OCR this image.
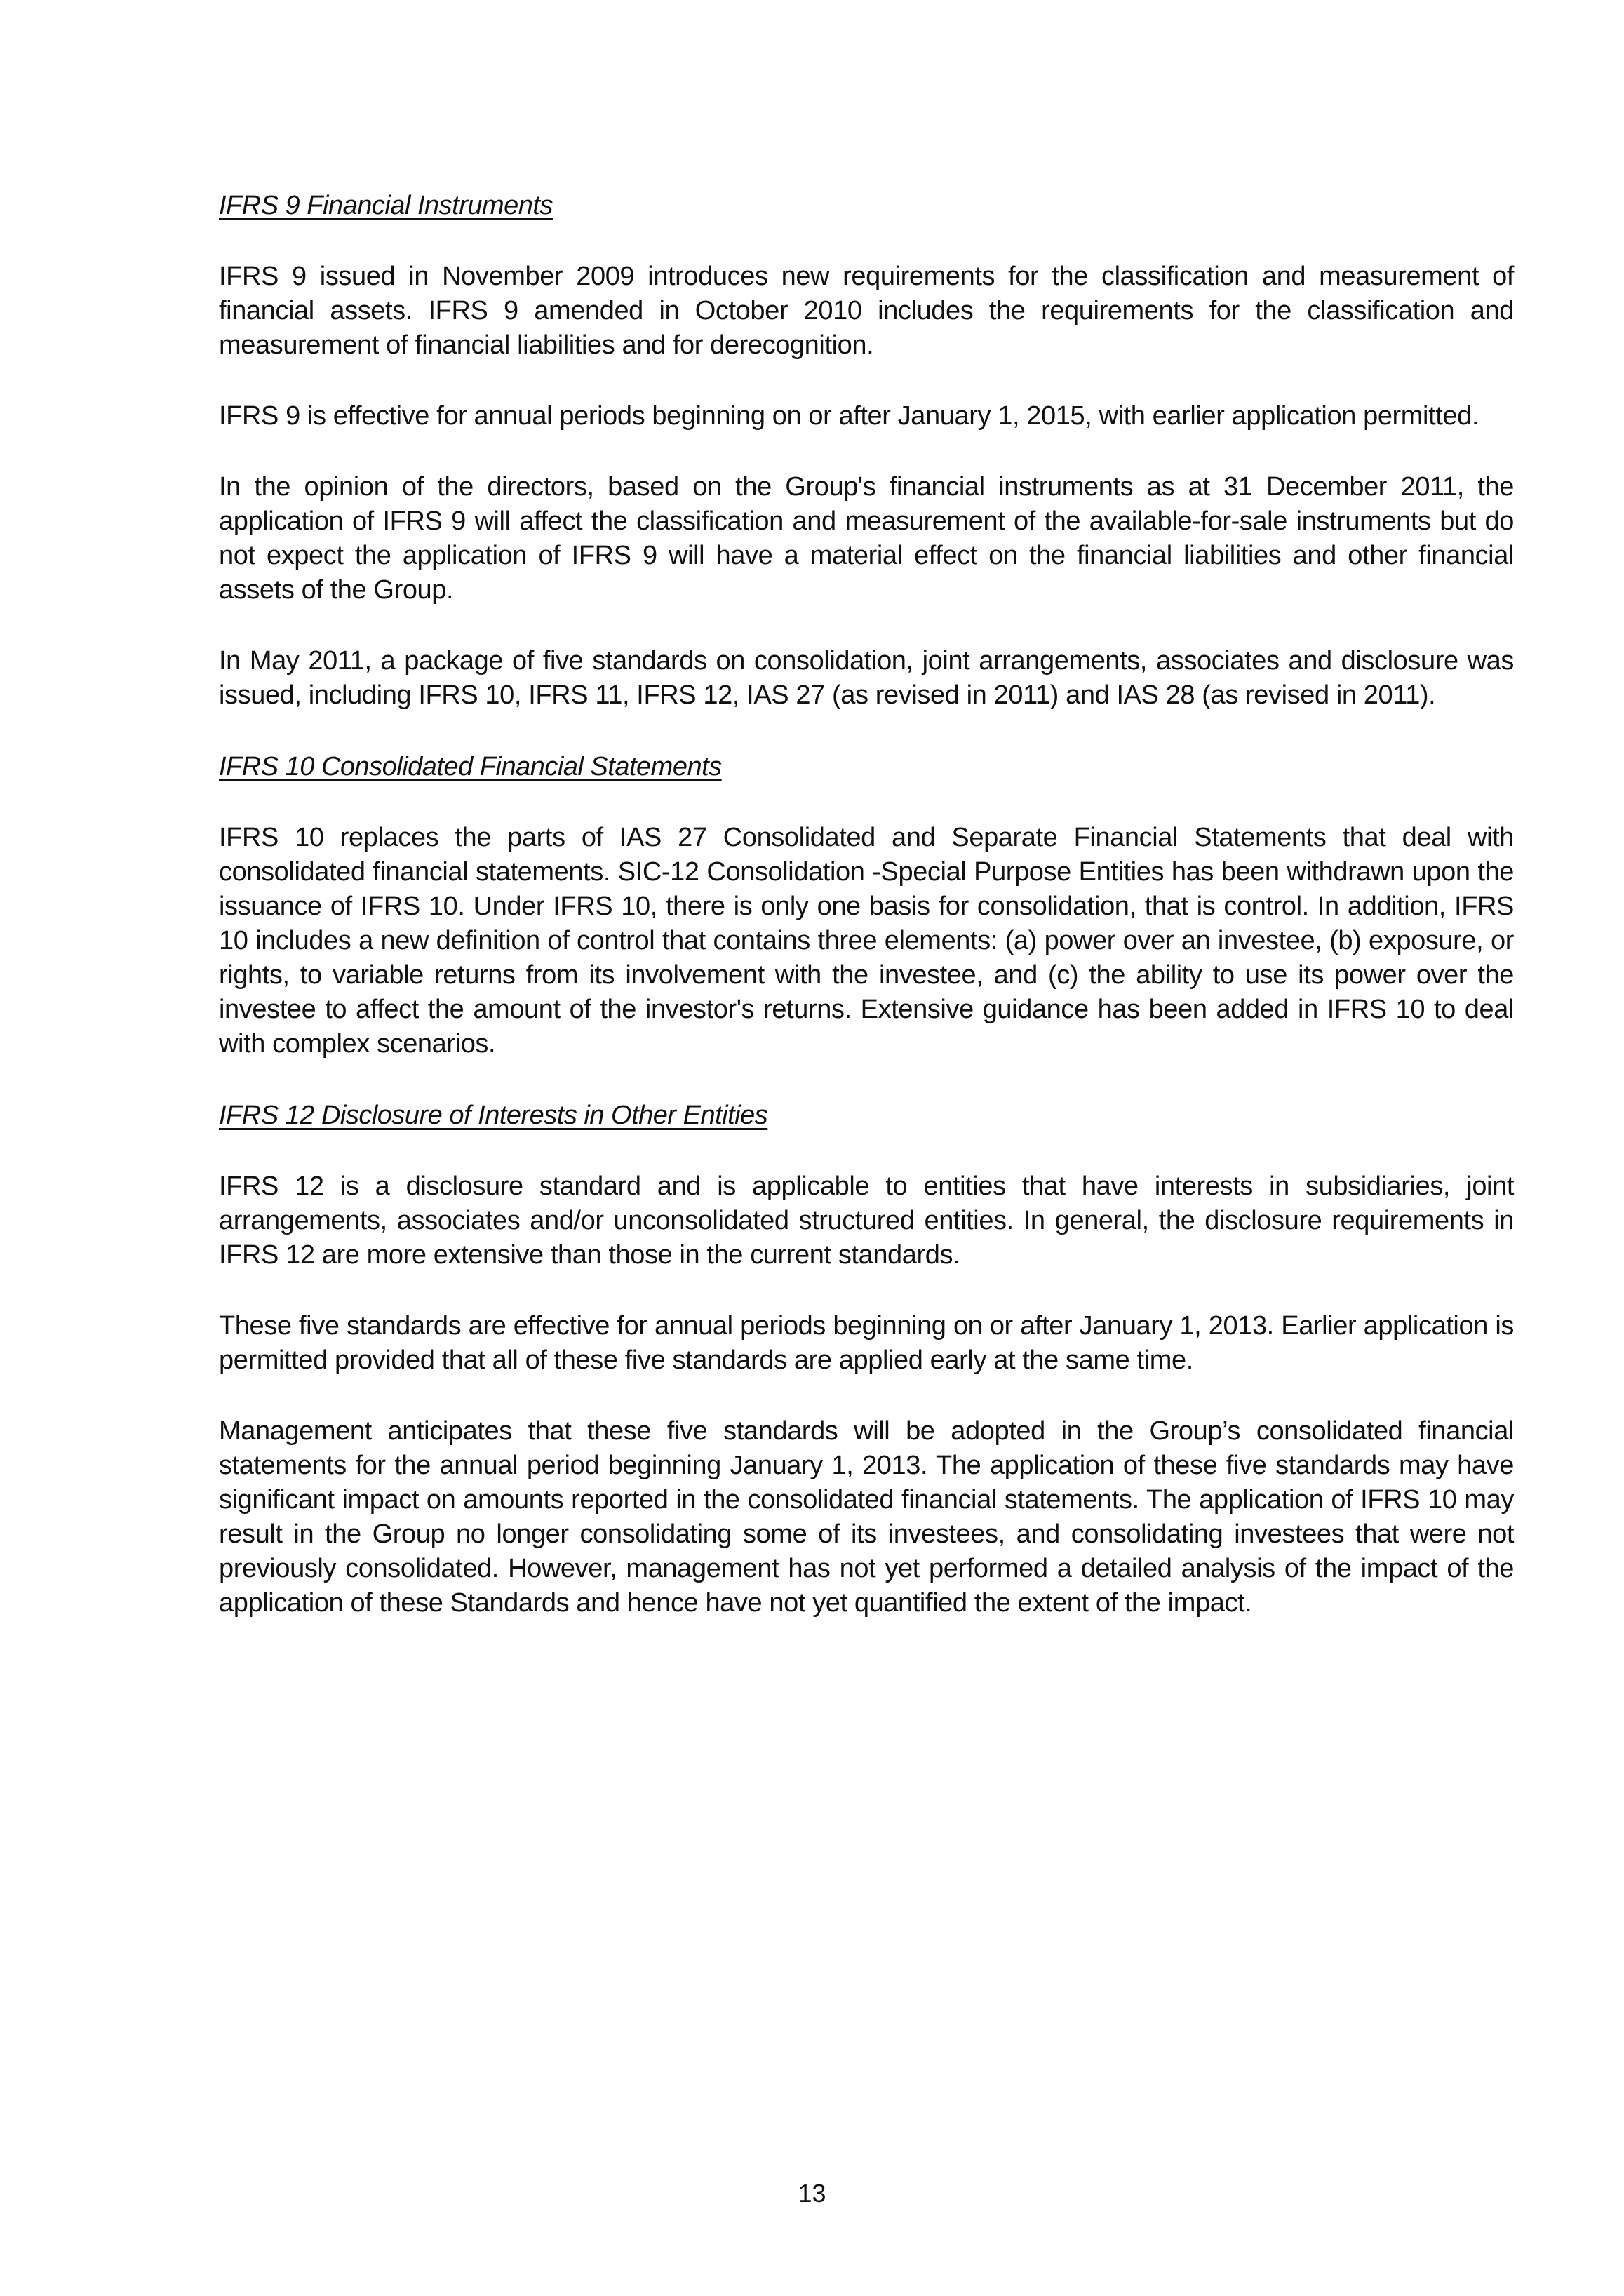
IFRS 9 Financial Instruments

IFRS 9 issued in November 2009 introduces new requirements for the classification and measurement of financial assets. IFRS 9 amended in October 2010 includes the requirements for the classification and measurement of financial liabilities and for derecognition.

IFRS 9 is effective for annual periods beginning on or after January 1, 2015, with earlier application permitted.

In the opinion of the directors, based on the Group's financial instruments as at 31 December 2011, the application of IFRS 9 will affect the classification and measurement of the available-for-sale instruments but do not expect the application of IFRS 9 will have a material effect on the financial liabilities and other financial assets of the Group.

In May 2011, a package of five standards on consolidation, joint arrangements, associates and disclosure was issued, including IFRS 10, IFRS 11, IFRS 12, IAS 27 (as revised in 2011) and IAS 28 (as revised in 2011).

IFRS 10 Consolidated Financial Statements

IFRS 10 replaces the parts of IAS 27 Consolidated and Separate Financial Statements that deal with consolidated financial statements. SIC-12 Consolidation -Special Purpose Entities has been withdrawn upon the issuance of IFRS 10. Under IFRS 10, there is only one basis for consolidation, that is control. In addition, IFRS 10 includes a new definition of control that contains three elements: (a) power over an investee, (b) exposure, or rights, to variable returns from its involvement with the investee, and (c) the ability to use its power over the investee to affect the amount of the investor's returns. Extensive guidance has been added in IFRS 10 to deal with complex scenarios.

IFRS 12 Disclosure of Interests in Other Entities

IFRS 12 is a disclosure standard and is applicable to entities that have interests in subsidiaries, joint arrangements, associates and/or unconsolidated structured entities. In general, the disclosure requirements in IFRS 12 are more extensive than those in the current standards.

These five standards are effective for annual periods beginning on or after January 1, 2013. Earlier application is permitted provided that all of these five standards are applied early at the same time.

Management anticipates that these five standards will be adopted in the Group’s consolidated financial statements for the annual period beginning January 1, 2013. The application of these five standards may have significant impact on amounts reported in the consolidated financial statements. The application of IFRS 10 may result in the Group no longer consolidating some of its investees, and consolidating investees that were not previously consolidated. However, management has not yet performed a detailed analysis of the impact of the application of these Standards and hence have not yet quantified the extent of the impact.

13
